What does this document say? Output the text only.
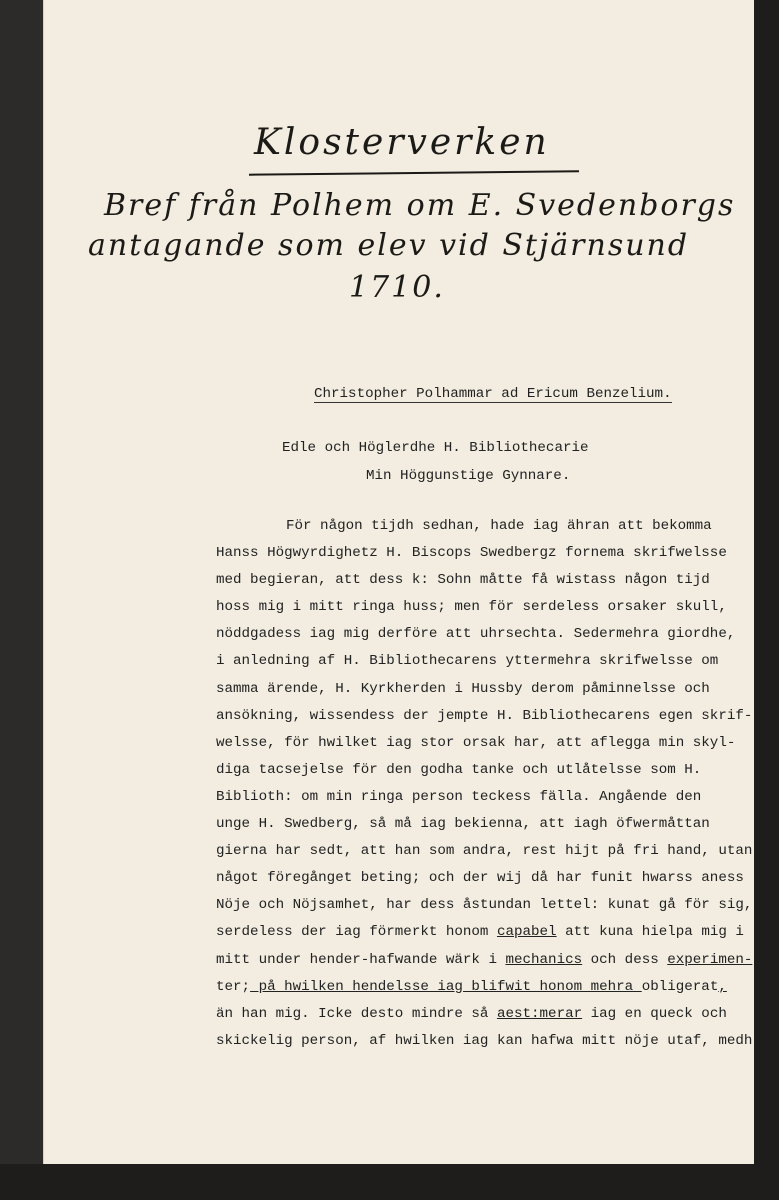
Klosterverken
Bref från Polhem om E. Svedenborgs
antagande som elev vid Stjärnsund
1710.
Christopher Polhammar ad Ericum Benzelium.
Edle och Höglerdhe H. Bibliothecarie
Min Höggunstige Gynnare.
För någon tijdh sedhan, hade iag ähran att bekomma
Hanss Högwyrdighetz H. Biscops Swedbergz fornema skrifwelsse
med begieran, att dess k: Sohn måtte få wistass någon tijd
hoss mig i mitt ringa huss; men för serdeless orsaker skull,
nöddgadess iag mig derföre att uhrsechta. Sedermehra giordhe,
i anledning af H. Bibliothecarens yttermehra skrifwelsse om
samma ärende, H. Kyrkherden i Hussby derom påminnelsse och
ansökning, wissendess der jempte H. Bibliothecarens egen skrif-
welsse, för hwilket iag stor orsak har, att aflegga min skyl-
diga tacsejelse för den godha tanke och utlåtelsse som H.
Biblioth: om min ringa person teckess fälla. Angående den
unge H. Swedberg, så må iag bekienna, att iagh öfwermåttan
gierna har sedt, att han som andra, rest hijt på fri hand, utan
något föregånget beting; och der wij då har funit hwarss aness
Nöje och Nöjsamhet, har dess åstundan lettel: kunat gå för sig,
serdeless der iag förmerkt honom capabel att kuna hielpa mig i
mitt under hender-hafwande wärk i mechanics och dess experimen-
ter; på hwilken hendelsse iag blifwit honom mehra obligerat,
än han mig. Icke desto mindre så aest:merar iag en queck och
skickelig person, af hwilken iag kan hafwa mitt nöje utaf, medh
